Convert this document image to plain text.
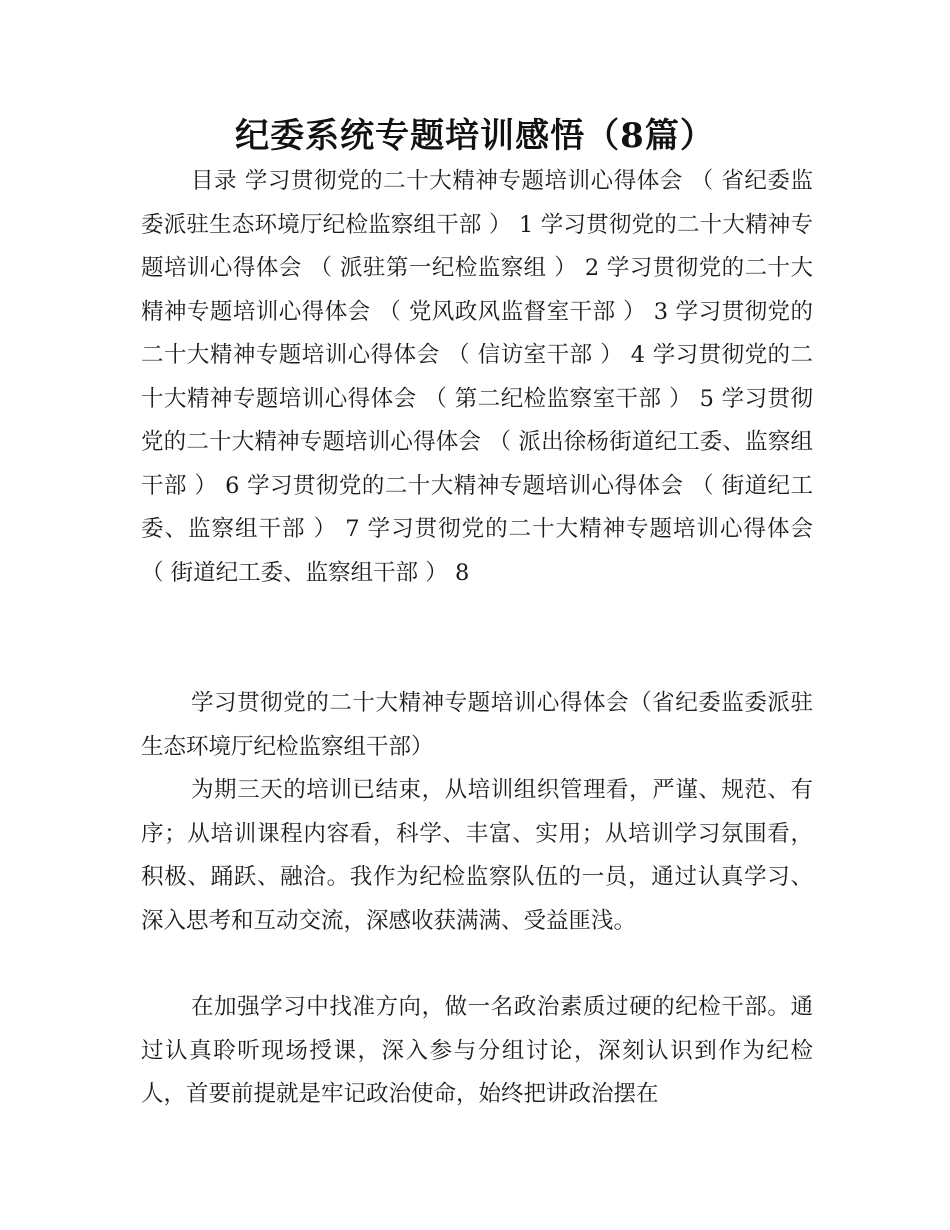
纪委系统专题培训感悟（8篇）

目录 学习贯彻党的二十大精神专题培训心得体会 （ 省纪委监委派驻生态环境厅纪检监察组干部 ） 1 学习贯彻党的二十大精神专题培训心得体会 （ 派驻第一纪检监察组 ） 2 学习贯彻党的二十大精神专题培训心得体会 （ 党风政风监督室干部 ） 3 学习贯彻党的二十大精神专题培训心得体会 （ 信访室干部 ） 4 学习贯彻党的二十大精神专题培训心得体会 （ 第二纪检监察室干部 ） 5 学习贯彻党的二十大精神专题培训心得体会 （ 派出徐杨街道纪工委、监察组干部 ） 6 学习贯彻党的二十大精神专题培训心得体会 （ 街道纪工委、监察组干部 ） 7 学习贯彻党的二十大精神专题培训心得体会 （ 街道纪工委、监察组干部 ） 8

学习贯彻党的二十大精神专题培训心得体会（省纪委监委派驻生态环境厅纪检监察组干部）

为期三天的培训已结束，从培训组织管理看，严谨、规范、有序；从培训课程内容看，科学、丰富、实用；从培训学习氛围看，积极、踊跃、融洽。我作为纪检监察队伍的一员，通过认真学习、深入思考和互动交流，深感收获满满、受益匪浅。

在加强学习中找准方向，做一名政治素质过硬的纪检干部。通过认真聆听现场授课，深入参与分组讨论，深刻认识到作为纪检人，首要前提就是牢记政治使命，始终把讲政治摆在
